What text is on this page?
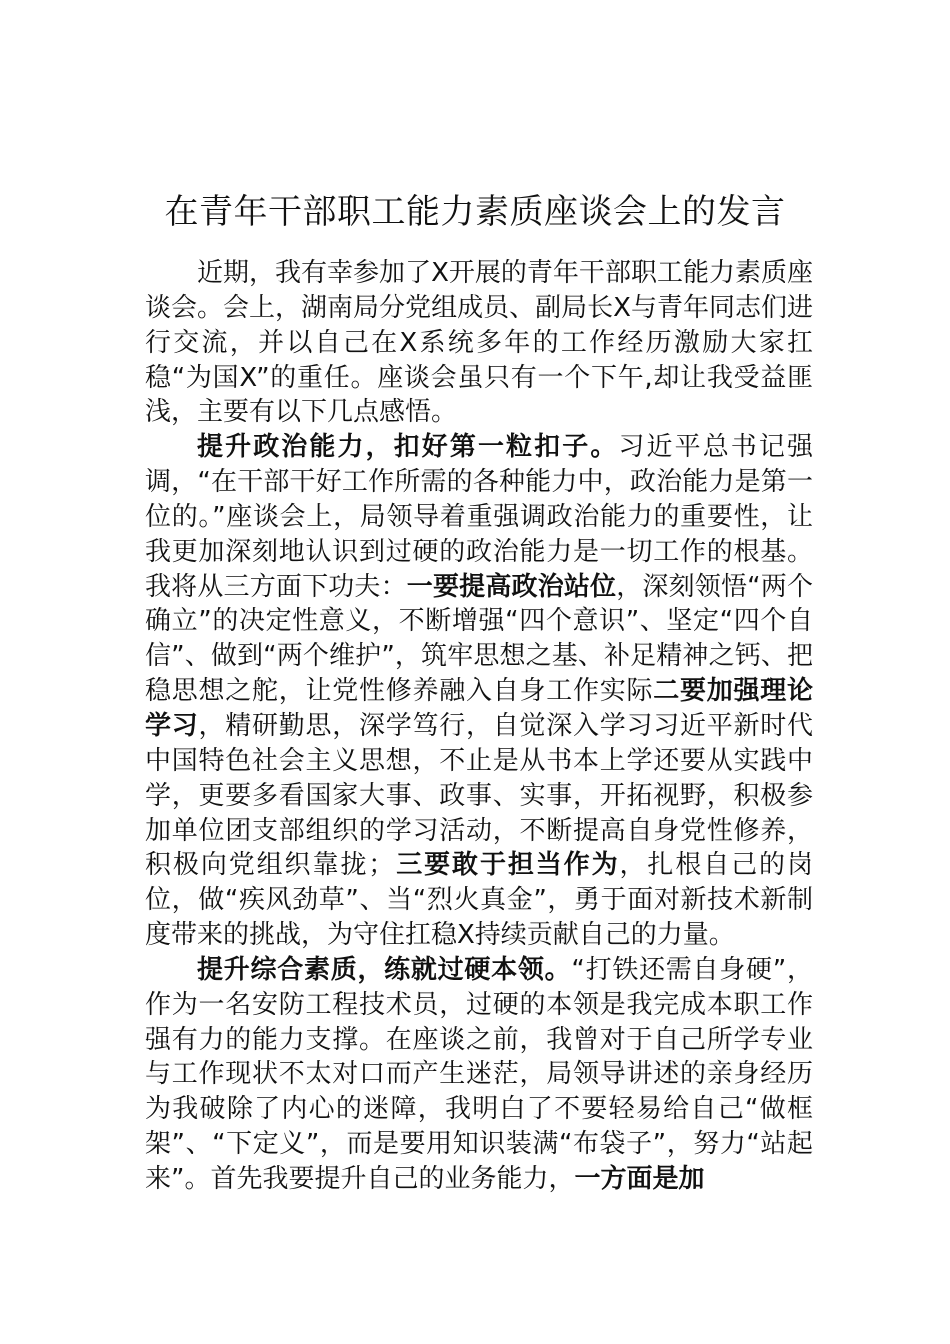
在青年干部职工能力素质座谈会上的发言

近期，我有幸参加了X开展的青年干部职工能力素质座谈会。会上，湖南局分党组成员、副局长X与青年同志们进行交流，并以自己在X系统多年的工作经历激励大家扛稳“为国X”的重任。座谈会虽只有一个下午,却让我受益匪浅，主要有以下几点感悟。

提升政治能力，扣好第一粒扣子。习近平总书记强调，“在干部干好工作所需的各种能力中，政治能力是第一位的。”座谈会上，局领导着重强调政治能力的重要性，让我更加深刻地认识到过硬的政治能力是一切工作的根基。我将从三方面下功夫：一要提高政治站位，深刻领悟“两个确立”的决定性意义，不断增强“四个意识”、坚定“四个自信”、做到“两个维护”，筑牢思想之基、补足精神之钙、把稳思想之舵，让党性修养融入自身工作实际二要加强理论学习，精研勤思，深学笃行，自觉深入学习习近平新时代中国特色社会主义思想，不止是从书本上学还要从实践中学，更要多看国家大事、政事、实事，开拓视野，积极参加单位团支部组织的学习活动，不断提高自身党性修养，积极向党组织靠拢；三要敢于担当作为，扎根自己的岗位，做“疾风劲草”、当“烈火真金”，勇于面对新技术新制度带来的挑战，为守住扛稳X持续贡献自己的力量。

提升综合素质，练就过硬本领。“打铁还需自身硬”，作为一名安防工程技术员，过硬的本领是我完成本职工作强有力的能力支撑。在座谈之前，我曾对于自己所学专业与工作现状不太对口而产生迷茫，局领导讲述的亲身经历为我破除了内心的迷障，我明白了不要轻易给自己“做框架”、“下定义”，而是要用知识装满“布袋子”，努力“站起来”。首先我要提升自己的业务能力，一方面是加
